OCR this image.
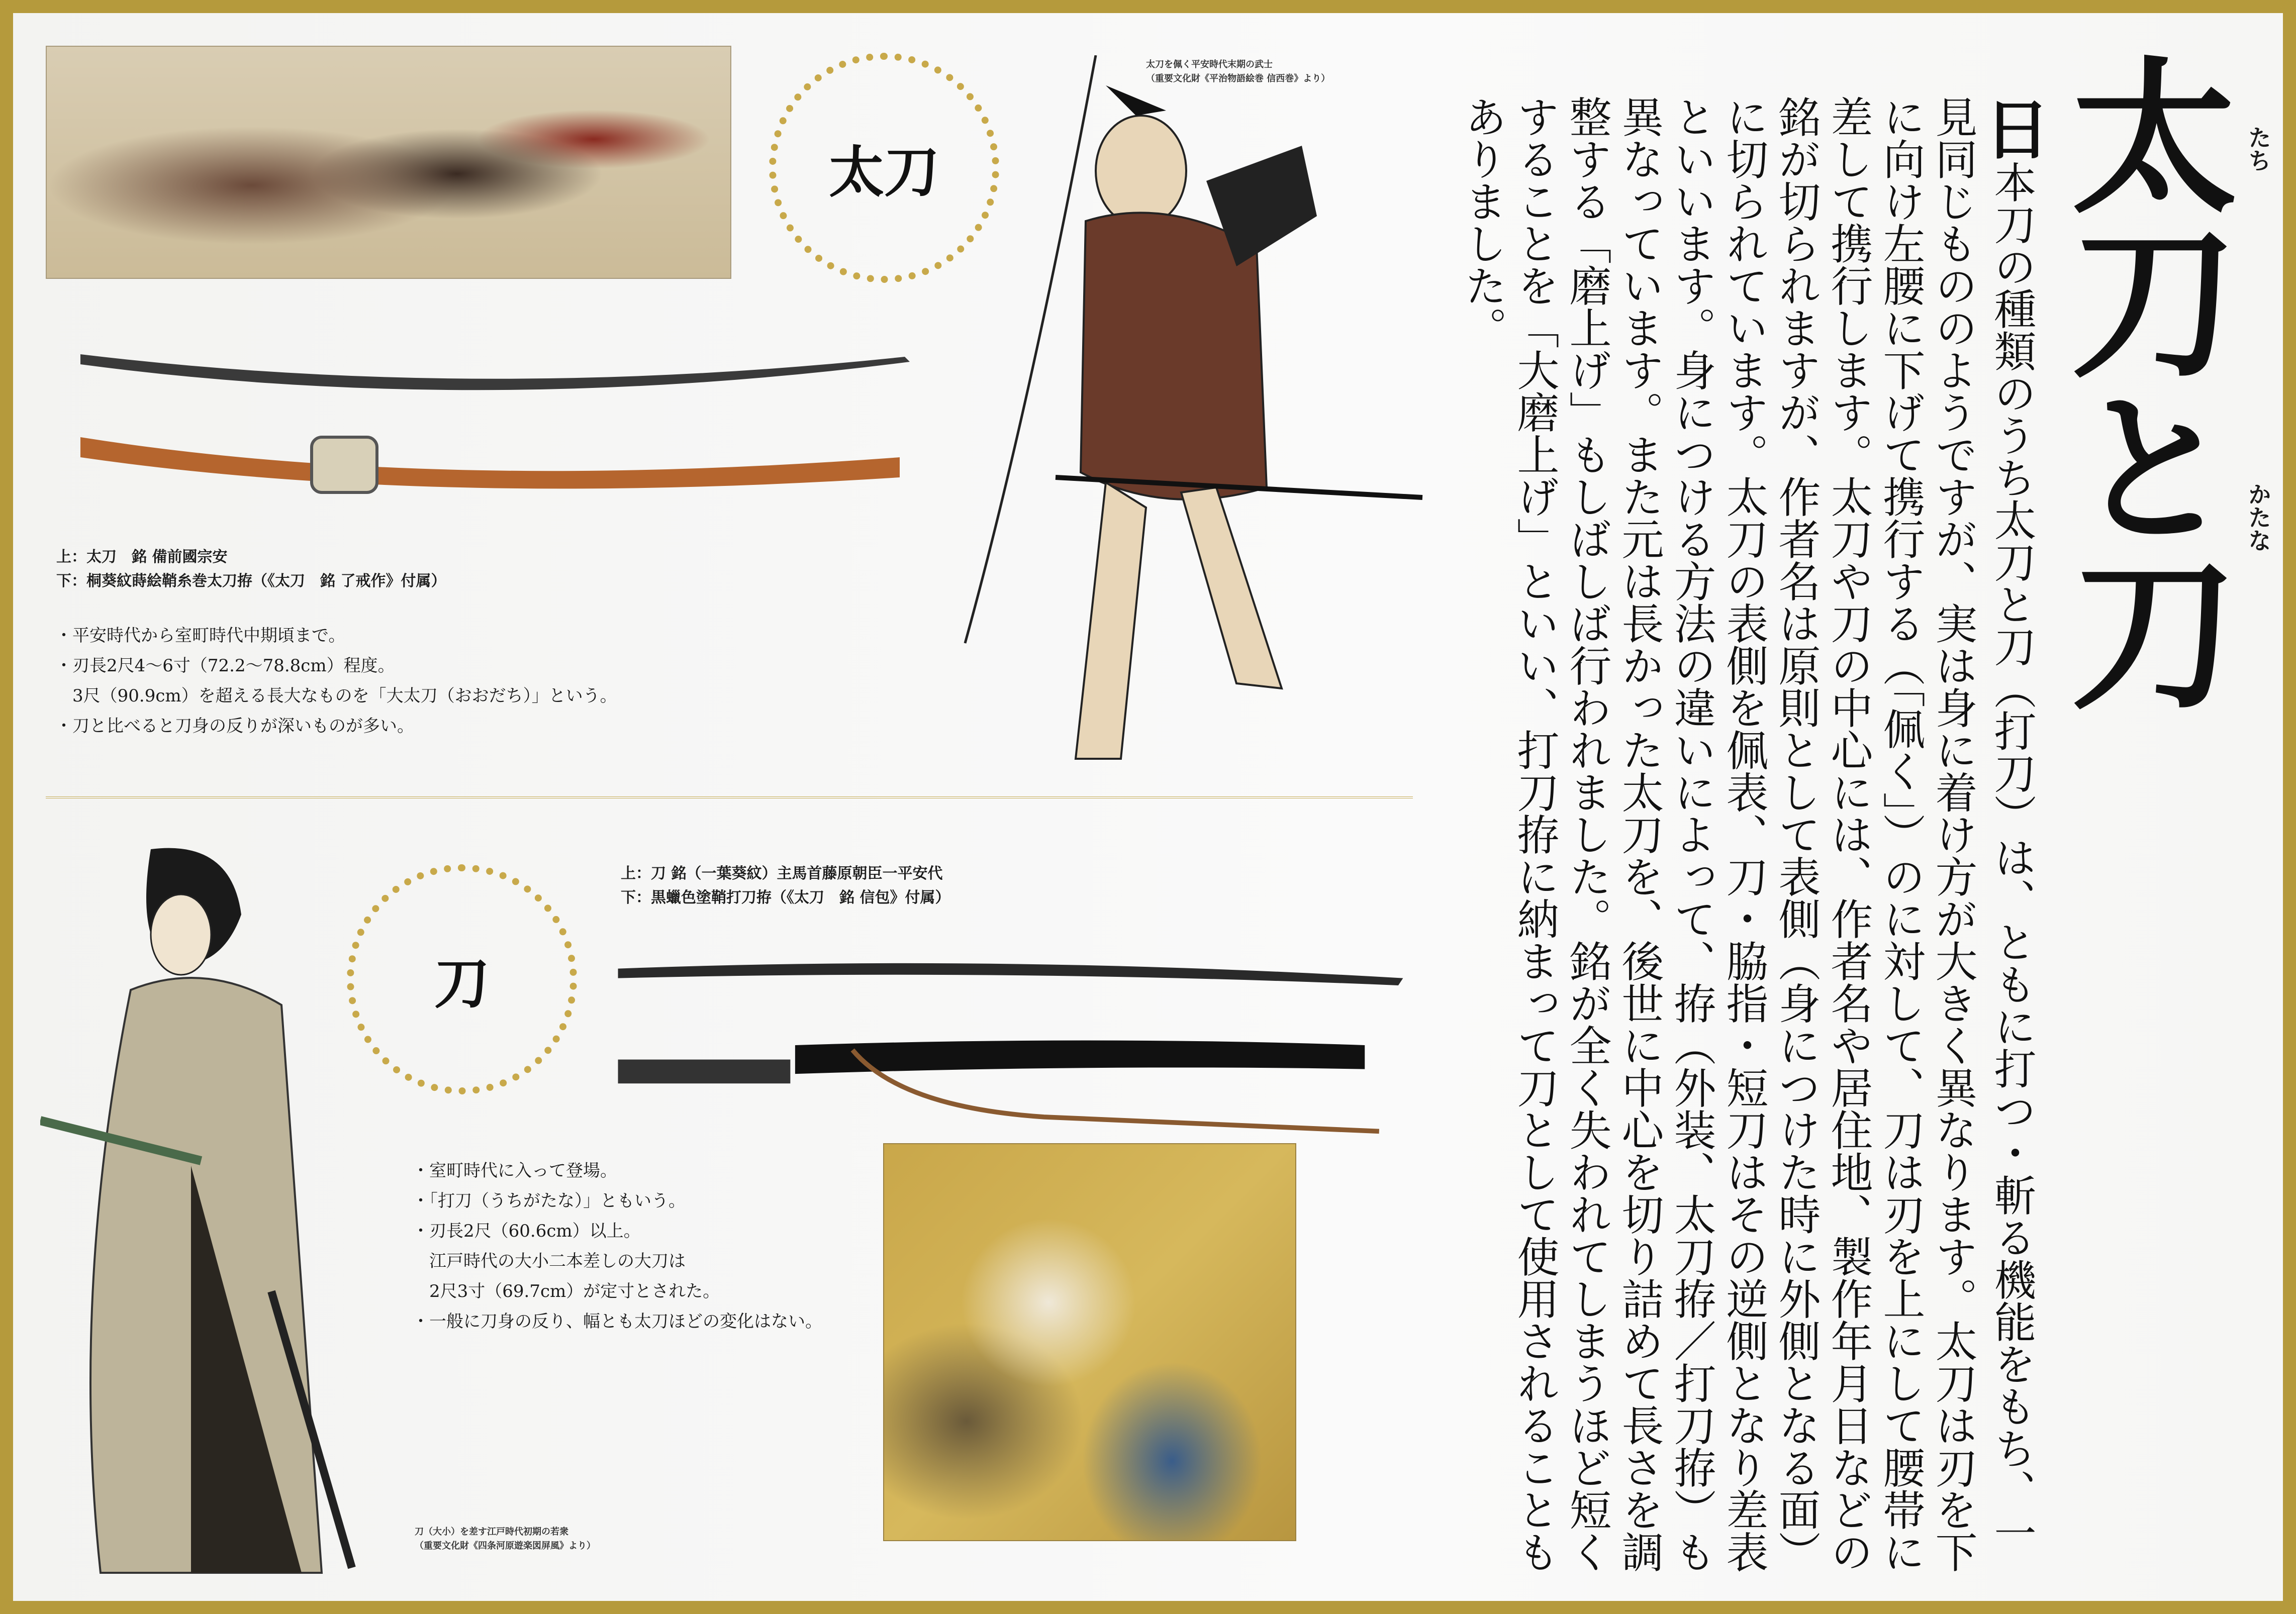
太刀
上：太刀　銘 備前國宗安
下：桐葵紋蒔絵鞘糸巻太刀拵（《太刀　銘 了戒作》付属）
・平安時代から室町時代中期頃まで。
・刃長2尺4～6寸（72.2～78.8cm）程度。
　3尺（90.9cm）を超える長大なものを「大太刀（おおだち）」という。
・刀と比べると刀身の反りが深いものが多い。
太刀を佩く平安時代末期の武士
（重要文化財《平治物語絵巻 信西巻》より）
刀
上：刀 銘（一葉葵紋）主馬首藤原朝臣一平安代
下：黒蠟色塗鞘打刀拵（《太刀　銘 信包》付属）
・室町時代に入って登場。
・「打刀（うちがたな）」ともいう。
・刃長2尺（60.6cm）以上。
　江戸時代の大小二本差しの大刀は
　2尺3寸（69.7cm）が定寸とされた。
・一般に刀身の反り、幅とも太刀ほどの変化はない。
刀（大小）を差す江戸時代初期の若衆
（重要文化財《四条河原遊楽図屏風》より）
日本刀の種類のうち太刀と刀（打刀）は、ともに打つ・斬る機能をもち、一見同じもののようですが、実は身に着け方が大きく異なります。太刀は刃を下に向け左腰に下げて携行する（「佩く」）のに対して、刀は刃を上にして腰帯に差して携行します。太刀や刀の中心には、作者名や居住地、製作年月日などの銘が切られますが、作者名は原則として表側（身につけた時に外側となる面）に切られています。太刀の表側を佩表、刀・脇指・短刀はその逆側となり差表といいます。身につける方法の違いによって、拵（外装、太刀拵／打刀拵）も異なっています。また元は長かった太刀を、後世に中心を切り詰めて長さを調整する「磨上げ」もしばしば行われました。銘が全く失われてしまうほど短くすることを「大磨上げ」といい、打刀拵に納まって刀として使用されることもありました。	太刀と刀 たち
かたな
